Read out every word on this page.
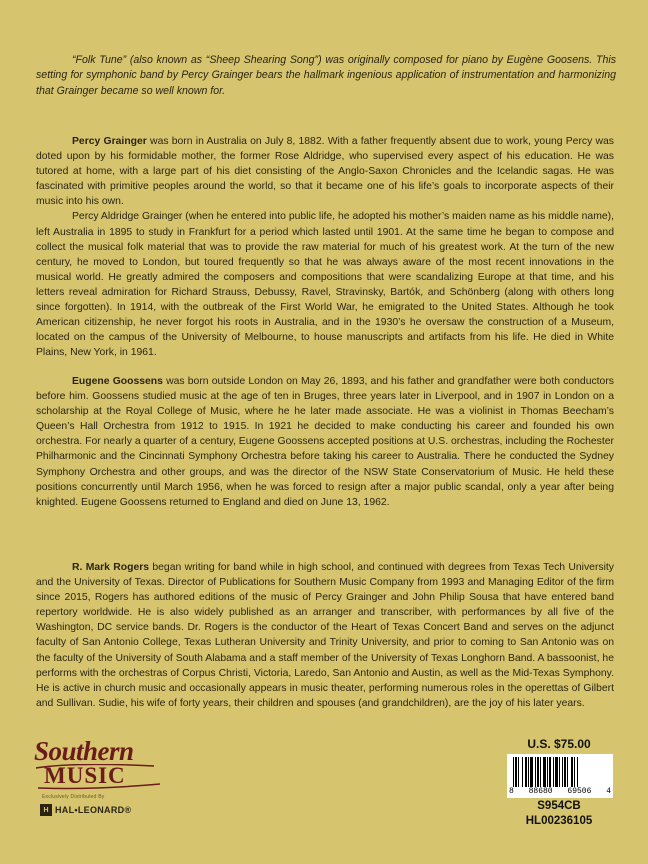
“Folk Tune” (also known as “Sheep Shearing Song”) was originally composed for piano by Eugène Goosens. This setting for symphonic band by Percy Grainger bears the hallmark ingenious application of instrumentation and harmonizing that Grainger became so well known for.

Percy Grainger was born in Australia on July 8, 1882. With a father frequently absent due to work, young Percy was doted upon by his formidable mother, the former Rose Aldridge, who supervised every aspect of his education. He was tutored at home, with a large part of his diet consisting of the Anglo-Saxon Chronicles and the Icelandic sagas. He was fascinated with primitive peoples around the world, so that it became one of his life’s goals to incorporate aspects of their music into his own.

Percy Aldridge Grainger (when he entered into public life, he adopted his mother’s maiden name as his middle name), left Australia in 1895 to study in Frankfurt for a period which lasted until 1901. At the same time he began to compose and collect the musical folk material that was to provide the raw material for much of his greatest work. At the turn of the new century, he moved to London, but toured frequently so that he was always aware of the most recent innovations in the musical world. He greatly admired the composers and compositions that were scandalizing Europe at that time, and his letters reveal admiration for Richard Strauss, Debussy, Ravel, Stravinsky, Bartók, and Schönberg (along with others long since forgotten). In 1914, with the outbreak of the First World War, he emigrated to the United States. Although he took American citizenship, he never forgot his roots in Australia, and in the 1930’s he oversaw the construction of a Museum, located on the campus of the University of Melbourne, to house manuscripts and artifacts from his life. He died in White Plains, New York, in 1961.

Eugene Goossens was born outside London on May 26, 1893, and his father and grandfather were both conductors before him. Goossens studied music at the age of ten in Bruges, three years later in Liverpool, and in 1907 in London on a scholarship at the Royal College of Music, where he he later made associate. He was a violinist in Thomas Beecham’s Queen’s Hall Orchestra from 1912 to 1915. In 1921 he decided to make conducting his career and founded his own orchestra. For nearly a quarter of a century, Eugene Goossens accepted positions at U.S. orchestras, including the Rochester Philharmonic and the Cincinnati Symphony Orchestra before taking his career to Australia. There he conducted the Sydney Symphony Orchestra and other groups, and was the director of the NSW State Conservatorium of Music. He held these positions concurrently until March 1956, when he was forced to resign after a major public scandal, only a year after being knighted. Eugene Goossens returned to England and died on June 13, 1962.

R. Mark Rogers began writing for band while in high school, and continued with degrees from Texas Tech University and the University of Texas. Director of Publications for Southern Music Company from 1993 and Managing Editor of the firm since 2015, Rogers has authored editions of the music of Percy Grainger and John Philip Sousa that have entered band repertory worldwide. He is also widely published as an arranger and transcriber, with performances by all five of the Washington, DC service bands. Dr. Rogers is the conductor of the Heart of Texas Concert Band and serves on the adjunct faculty of San Antonio College, Texas Lutheran University and Trinity University, and prior to coming to San Antonio was on the faculty of the University of South Alabama and a staff member of the University of Texas Longhorn Band. A bassoonist, he performs with the orchestras of Corpus Christi, Victoria, Laredo, San Antonio and Austin, as well as the Mid-Texas Symphony. He is active in church music and occasionally appears in music theater, performing numerous roles in the operettas of Gilbert and Sullivan. Sudie, his wife of forty years, their children and spouses (and grandchildren), are the joy of his later years.

Southern
MUSIC
Exclusively Distributed By
H HAL•LEONARD®
U.S. $75.00
8 88680 69506 4
S954CB
HL00236105
